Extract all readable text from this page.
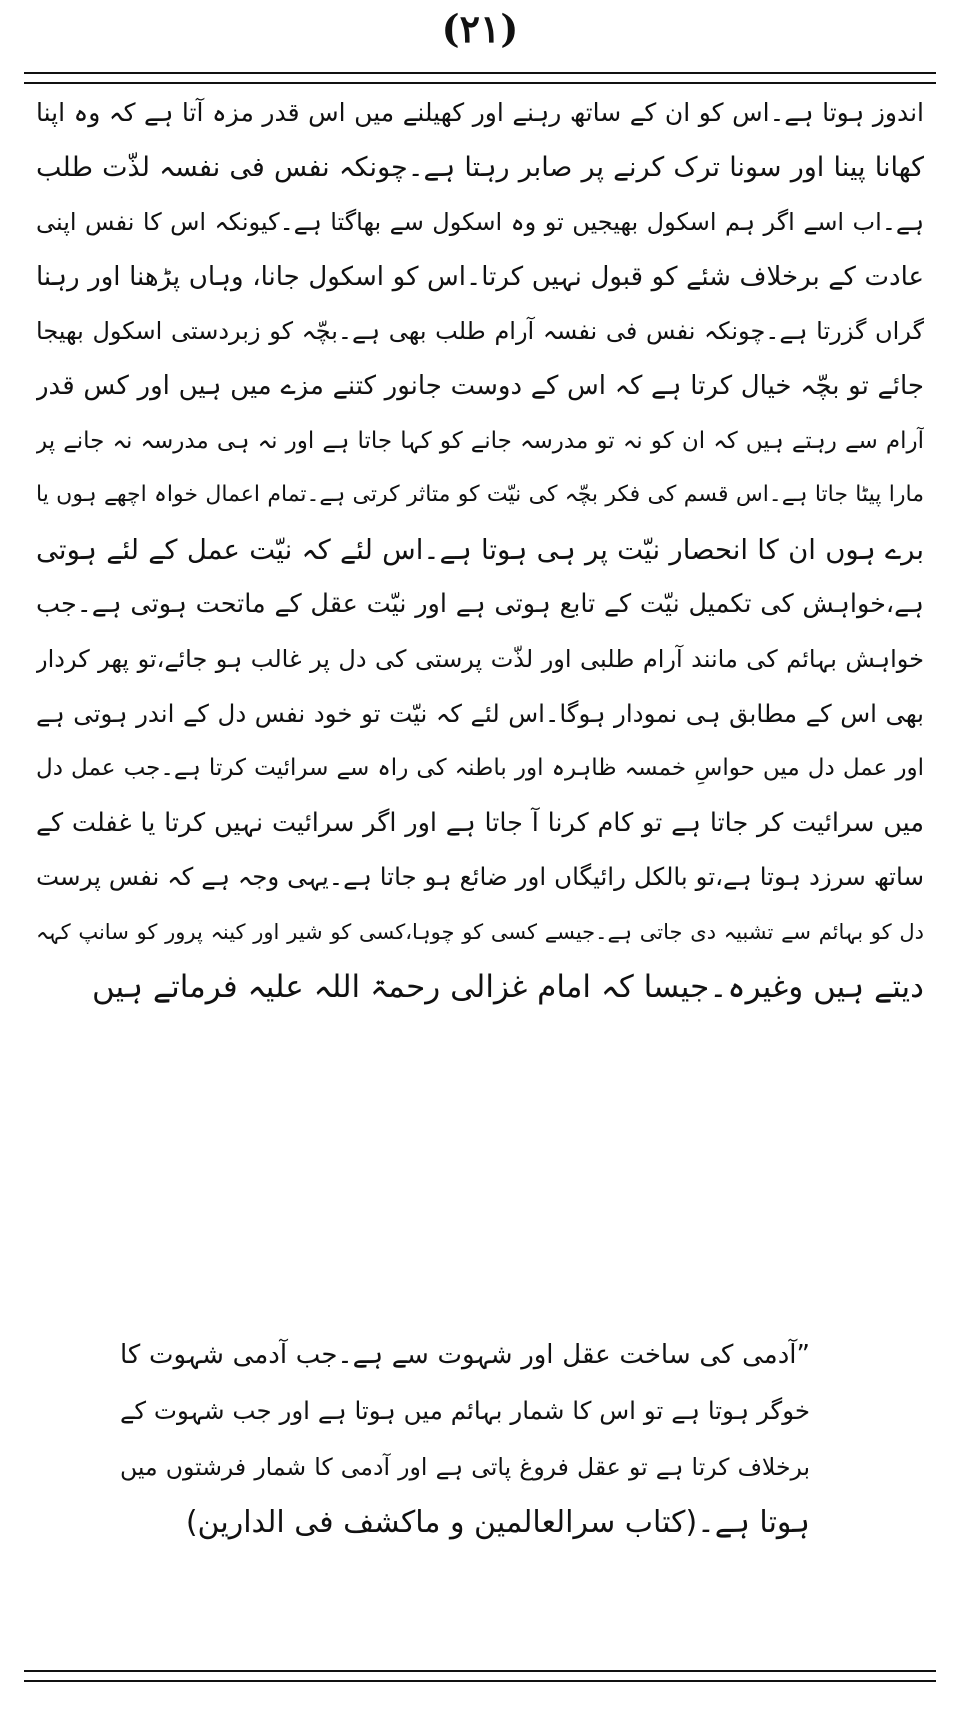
(۲۱)
اندوز ہوتا ہے۔اس کو ان کے ساتھ رہنے اور کھیلنے میں اس قدر مزہ آتا ہے کہ وہ اپنا
کھانا پینا اور سونا ترک کرنے پر صابر رہتا ہے۔چونکہ نفس فی نفسہ لذّت طلب
ہے۔اب اسے اگر ہم اسکول بھیجیں تو وہ اسکول سے بھاگتا ہے۔کیونکہ اس کا نفس اپنی
عادت کے برخلاف شئے کو قبول نہیں کرتا۔اس کو اسکول جانا، وہاں پڑھنا اور رہنا
گراں گزرتا ہے۔چونکہ نفس فی نفسہ آرام طلب بھی ہے۔بچّہ کو زبردستی اسکول بھیجا
جائے تو بچّہ خیال کرتا ہے کہ اس کے دوست جانور کتنے مزے میں ہیں اور کس قدر
آرام سے رہتے ہیں کہ ان کو نہ تو مدرسہ جانے کو کہا جاتا ہے اور نہ ہی مدرسہ نہ جانے پر
مارا پیٹا جاتا ہے۔اس قسم کی فکر بچّہ کی نیّت کو متاثر کرتی ہے۔تمام اعمال خواہ اچھے ہوں یا
برے ہوں ان کا انحصار نیّت پر ہی ہوتا ہے۔اس لئے کہ نیّت عمل کے لئے ہوتی
ہے،خواہش کی تکمیل نیّت کے تابع ہوتی ہے اور نیّت عقل کے ماتحت ہوتی ہے۔جب
خواہش بہائم کی مانند آرام طلبی اور لذّت پرستی کی دل پر غالب ہو جائے،تو پھر کردار
بھی اس کے مطابق ہی نمودار ہوگا۔اس لئے کہ نیّت تو خود نفس دل کے اندر ہوتی ہے
اور عمل دل میں حواسِ خمسہ ظاہرہ اور باطنہ کی راہ سے سرائیت کرتا ہے۔جب عمل دل
میں سرائیت کر جاتا ہے تو کام کرنا آ جاتا ہے اور اگر سرائیت نہیں کرتا یا غفلت کے
ساتھ سرزد ہوتا ہے،تو بالکل رائیگاں اور ضائع ہو جاتا ہے۔یہی وجہ ہے کہ نفس پرست
دل کو بہائم سے تشبیہ دی جاتی ہے۔جیسے کسی کو چوہا،کسی کو شیر اور کینہ پرور کو سانپ کہہ
دیتے ہیں وغیرہ۔جیسا کہ امام غزالی رحمۃ اللہ علیہ فرماتے ہیں
”آدمی کی ساخت عقل اور شہوت سے ہے۔جب آدمی شہوت کا
خوگر ہوتا ہے تو اس کا شمار بہائم میں ہوتا ہے اور جب شہوت کے
برخلاف کرتا ہے تو عقل فروغ پاتی ہے اور آدمی کا شمار فرشتوں میں
ہوتا ہے۔(کتاب سرالعالمین و ماکشف فی الدارین)
